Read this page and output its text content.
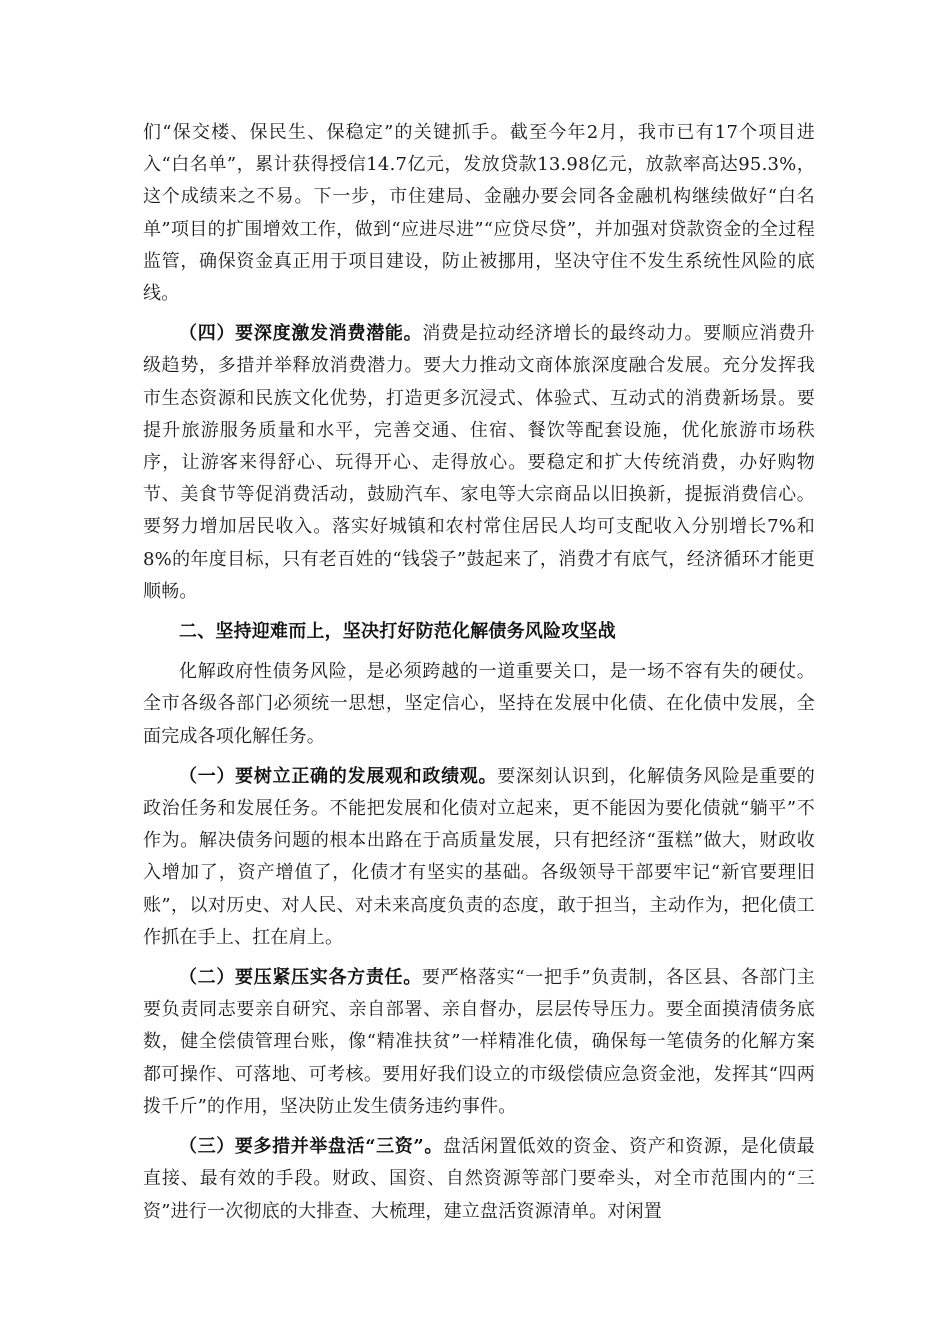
们“保交楼、保民生、保稳定”的关键抓手。截至今年2月，我市已有17个项目进入“白名单”，累计获得授信14.7亿元，发放贷款13.98亿元，放款率高达95.3%，这个成绩来之不易。下一步，市住建局、金融办要会同各金融机构继续做好“白名单”项目的扩围增效工作，做到“应进尽进”“应贷尽贷”，并加强对贷款资金的全过程监管，确保资金真正用于项目建设，防止被挪用，坚决守住不发生系统性风险的底线。

（四）要深度激发消费潜能。消费是拉动经济增长的最终动力。要顺应消费升级趋势，多措并举释放消费潜力。要大力推动文商体旅深度融合发展。充分发挥我市生态资源和民族文化优势，打造更多沉浸式、体验式、互动式的消费新场景。要提升旅游服务质量和水平，完善交通、住宿、餐饮等配套设施，优化旅游市场秩序，让游客来得舒心、玩得开心、走得放心。要稳定和扩大传统消费，办好购物节、美食节等促消费活动，鼓励汽车、家电等大宗商品以旧换新，提振消费信心。要努力增加居民收入。落实好城镇和农村常住居民人均可支配收入分别增长7%和8%的年度目标，只有老百姓的“钱袋子”鼓起来了，消费才有底气，经济循环才能更顺畅。

二、坚持迎难而上，坚决打好防范化解债务风险攻坚战

化解政府性债务风险，是必须跨越的一道重要关口，是一场不容有失的硬仗。全市各级各部门必须统一思想，坚定信心，坚持在发展中化债、在化债中发展，全面完成各项化解任务。

（一）要树立正确的发展观和政绩观。要深刻认识到，化解债务风险是重要的政治任务和发展任务。不能把发展和化债对立起来，更不能因为要化债就“躺平”不作为。解决债务问题的根本出路在于高质量发展，只有把经济“蛋糕”做大，财政收入增加了，资产增值了，化债才有坚实的基础。各级领导干部要牢记“新官要理旧账”，以对历史、对人民、对未来高度负责的态度，敢于担当，主动作为，把化债工作抓在手上、扛在肩上。

（二）要压紧压实各方责任。要严格落实“一把手”负责制，各区县、各部门主要负责同志要亲自研究、亲自部署、亲自督办，层层传导压力。要全面摸清债务底数，健全偿债管理台账，像“精准扶贫”一样精准化债，确保每一笔债务的化解方案都可操作、可落地、可考核。要用好我们设立的市级偿债应急资金池，发挥其“四两拨千斤”的作用，坚决防止发生债务违约事件。

（三）要多措并举盘活“三资”。盘活闲置低效的资金、资产和资源，是化债最直接、最有效的手段。财政、国资、自然资源等部门要牵头，对全市范围内的“三资”进行一次彻底的大排查、大梳理，建立盘活资源清单。对闲置
